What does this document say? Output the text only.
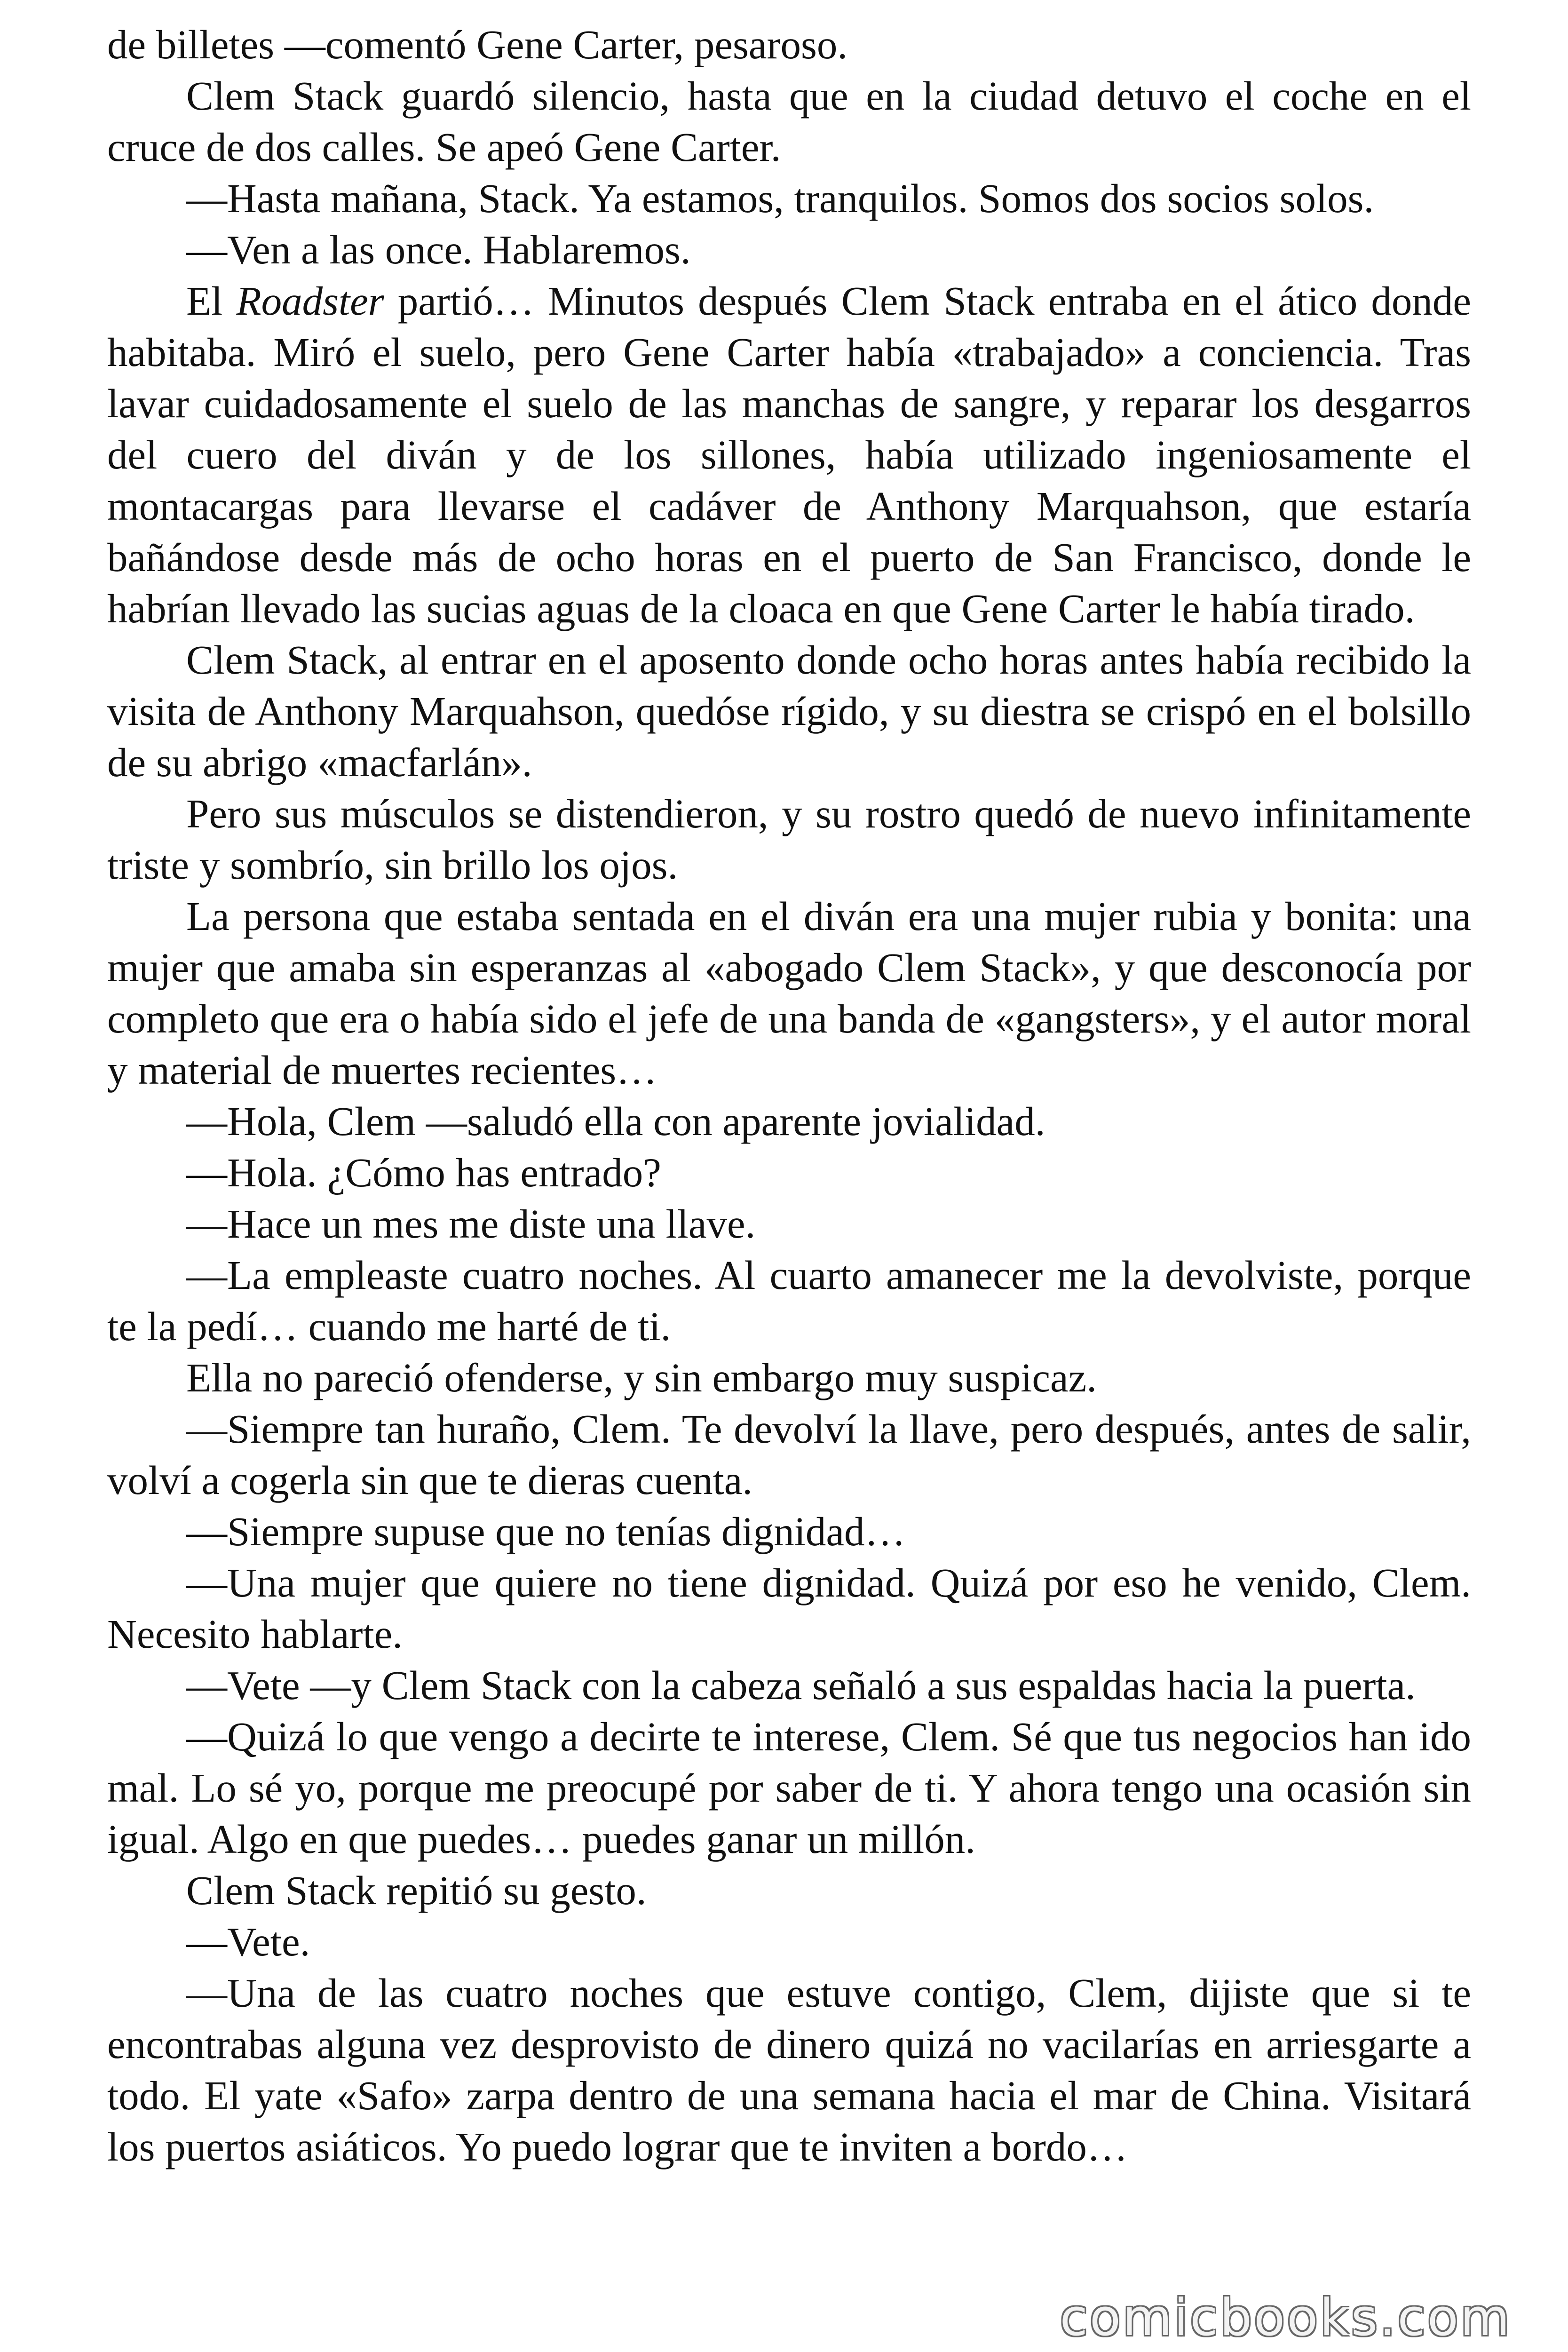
de billetes —comentó Gene Carter, pesaroso.

Clem Stack guardó silencio, hasta que en la ciudad detuvo el coche en el cruce de dos calles. Se apeó Gene Carter.

—Hasta mañana, Stack. Ya estamos, tranquilos. Somos dos socios solos.

—Ven a las once. Hablaremos.

El Roadster partió… Minutos después Clem Stack entraba en el ático donde habitaba. Miró el suelo, pero Gene Carter había «trabajado» a conciencia. Tras lavar cuidadosamente el suelo de las manchas de sangre, y reparar los desgarros del cuero del diván y de los sillones, había utilizado ingeniosamente el montacargas para llevarse el cadáver de Anthony Marquahson, que estaría bañándose desde más de ocho horas en el puerto de San Francisco, donde le habrían llevado las sucias aguas de la cloaca en que Gene Carter le había tirado.

Clem Stack, al entrar en el aposento donde ocho horas antes había recibido la visita de Anthony Marquahson, quedóse rígido, y su diestra se crispó en el bolsillo de su abrigo «macfarlán».

Pero sus músculos se distendieron, y su rostro quedó de nuevo infinitamente triste y sombrío, sin brillo los ojos.

La persona que estaba sentada en el diván era una mujer rubia y bonita: una mujer que amaba sin esperanzas al «abogado Clem Stack», y que desconocía por completo que era o había sido el jefe de una banda de «gangsters», y el autor moral y material de muertes recientes…

—Hola, Clem —saludó ella con aparente jovialidad.

—Hola. ¿Cómo has entrado?

—Hace un mes me diste una llave.

—La empleaste cuatro noches. Al cuarto amanecer me la devolviste, porque te la pedí… cuando me harté de ti.

Ella no pareció ofenderse, y sin embargo muy suspicaz.

—Siempre tan huraño, Clem. Te devolví la llave, pero después, antes de salir, volví a cogerla sin que te dieras cuenta.

—Siempre supuse que no tenías dignidad…

—Una mujer que quiere no tiene dignidad. Quizá por eso he venido, Clem. Necesito hablarte.

—Vete —y Clem Stack con la cabeza señaló a sus espaldas hacia la puerta.

—Quizá lo que vengo a decirte te interese, Clem. Sé que tus negocios han ido mal. Lo sé yo, porque me preocupé por saber de ti. Y ahora tengo una ocasión sin igual. Algo en que puedes… puedes ganar un millón.

Clem Stack repitió su gesto.

—Vete.

—Una de las cuatro noches que estuve contigo, Clem, dijiste que si te encontrabas alguna vez desprovisto de dinero quizá no vacilarías en arriesgarte a todo. El yate «Safo» zarpa dentro de una semana hacia el mar de China. Visitará los puertos asiáticos. Yo puedo lograr que te inviten a bordo…

comicbooks.com
